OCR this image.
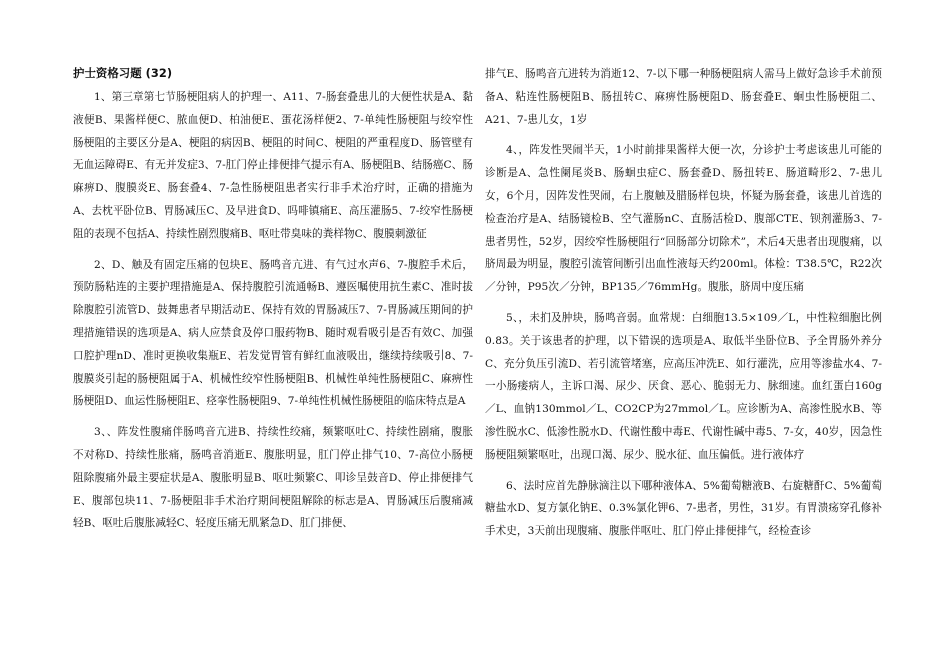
护士资格习题 (32)

1、第三章第七节肠梗阻病人的护理一、A11、7-肠套叠患儿的大便性状是A、黏液便B、果酱样便C、脓血便D、柏油便E、蛋花汤样便2、7-单纯性肠梗阻与绞窄性肠梗阻的主要区分是A、梗阻的病因B、梗阻的时间C、梗阻的严重程度D、肠管壁有无血运障碍E、有无并发症3、7-肛门停止排便排气提示有A、肠梗阻B、结肠癌C、肠麻痹D、腹膜炎E、肠套叠4、7-急性肠梗阻患者实行非手术治疗时，正确的措施为A、去枕平卧位B、胃肠减压C、及早进食D、吗啡镇痛E、高压灌肠5、7-绞窄性肠梗阻的表现不包括A、持续性剧烈腹痛B、呕吐带臭味的粪样物C、腹膜刺激征

2、D、触及有固定压痛的包块E、肠鸣音亢进、有气过水声6、7-腹腔手术后，预防肠粘连的主要护理措施是A、保持腹腔引流通畅B、遵医嘱使用抗生素C、准时拔除腹腔引流管D、鼓舞患者早期活动E、保持有效的胃肠减压7、7-胃肠减压期间的护理措施错误的选项是A、病人应禁食及停口服药物B、随时观看吸引是否有效C、加强口腔护理nD、准时更换收集瓶E、若发觉胃管有鲜红血液吸出，继续持续吸引8、7-腹膜炎引起的肠梗阻属于A、机械性绞窄性肠梗阻B、机械性单纯性肠梗阻C、麻痹性肠梗阻D、血运性肠梗阻E、痉挛性肠梗阻9、7-单纯性机械性肠梗阻的临床特点是A

3、、阵发性腹痛伴肠鸣音亢进B、持续性绞痛，频繁呕吐C、持续性剧痛，腹胀不对称D、持续性胀痛，肠鸣音消逝E、腹胀明显，肛门停止排气10、7-高位小肠梗阻除腹痛外最主要症状是A、腹胀明显B、呕吐频繁C、叩诊呈鼓音D、停止排便排气E、腹部包块11、7-肠梗阻非手术治疗期间梗阻解除的标志是A、胃肠减压后腹痛减轻B、呕吐后腹胀减轻C、轻度压痛无肌紧急D、肛门排便、

排气E、肠鸣音亢进转为消逝12、7-以下哪一种肠梗阻病人需马上做好急诊手术前预备A、粘连性肠梗阻B、肠扭转C、麻痹性肠梗阻D、肠套叠E、蛔虫性肠梗阻二、A21、7-患儿女，1岁

4、，阵发性哭闹半天，1小时前排果酱样大便一次，分诊护士考虑该患儿可能的诊断是A、急性阑尾炎B、肠蛔虫症C、肠套叠D、肠扭转E、肠道畸形2、7-患儿女，6个月，因阵发性哭闹，右上腹触及腊肠样包块，怀疑为肠套叠，该患儿首选的检查治疗是A、结肠镜检B、空气灌肠nC、直肠活检D、腹部CTE、钡剂灌肠3、7-患者男性，52岁，因绞窄性肠梗阻行“回肠部分切除术”，术后4天患者出现腹痛，以脐周最为明显，腹腔引流管间断引出血性液每天约200ml。体检：T38.5℃，R22次／分钟，P95次／分钟，BP135／76mmHg。腹胀，脐周中度压痛

5、，未扪及肿块，肠鸣音弱。血常规：白细胞13.5×109／L，中性粒细胞比例0.83。关于该患者的护理，以下错误的选项是A、取低半坐卧位B、予全胃肠外养分C、充分负压引流D、若引流管堵塞，应高压冲洗E、如行灌洗，应用等渗盐水4、7-一小肠瘘病人，主诉口渴、尿少、厌食、恶心、脆弱无力、脉细速。血红蛋白160g／L、血钠130mmol／L、CO2CP为27mmol／L。应诊断为A、高渗性脱水B、等渗性脱水C、低渗性脱水D、代谢性酸中毒E、代谢性碱中毒5、7-女，40岁，因急性肠梗阻频繁呕吐，出现口渴、尿少、脱水征、血压偏低。进行液体疗

6、法时应首先静脉滴注以下哪种液体A、5%葡萄糖液B、右旋糖酐C、5%葡萄糖盐水D、复方氯化钠E、0.3%氯化钾6、7-患者，男性，31岁。有胃溃疡穿孔修补手术史，3天前出现腹痛、腹胀伴呕吐、肛门停止排便排气，经检查诊
